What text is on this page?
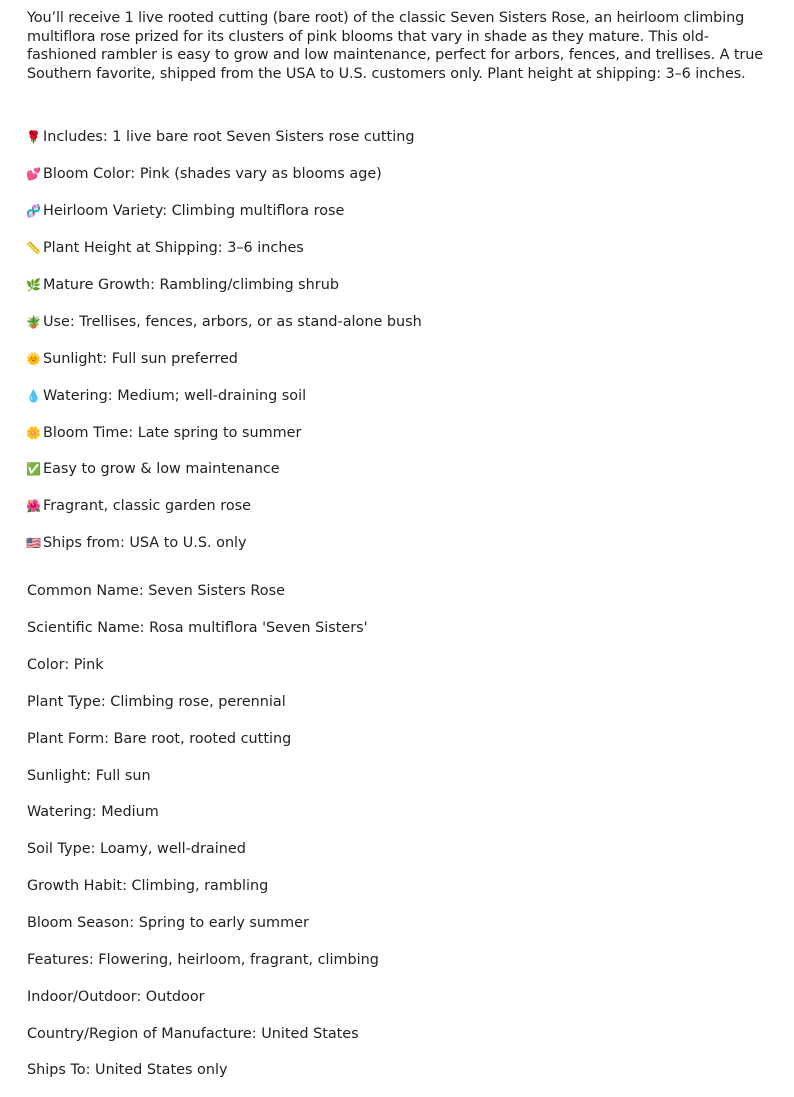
You’ll receive 1 live rooted cutting (bare root) of the classic Seven Sisters Rose, an heirloom climbing multiflora rose prized for its clusters of pink blooms that vary in shade as they mature. This old-fashioned rambler is easy to grow and low maintenance, perfect for arbors, fences, and trellises. A true Southern favorite, shipped from the USA to U.S. customers only. Plant height at shipping: 3–6 inches.

🌹 Includes: 1 live bare root Seven Sisters rose cutting
💕 Bloom Color: Pink (shades vary as blooms age)
🧬 Heirloom Variety: Climbing multiflora rose
📏 Plant Height at Shipping: 3–6 inches
🌿 Mature Growth: Rambling/climbing shrub
🪴 Use: Trellises, fences, arbors, or as stand-alone bush
🌞 Sunlight: Full sun preferred
💧 Watering: Medium; well-draining soil
🌼 Bloom Time: Late spring to summer
✅ Easy to grow & low maintenance
🌺 Fragrant, classic garden rose
🇺🇸 Ships from: USA to U.S. only
Common Name: Seven Sisters Rose
Scientific Name: Rosa multiflora 'Seven Sisters'
Color: Pink
Plant Type: Climbing rose, perennial
Plant Form: Bare root, rooted cutting
Sunlight: Full sun
Watering: Medium
Soil Type: Loamy, well-drained
Growth Habit: Climbing, rambling
Bloom Season: Spring to early summer
Features: Flowering, heirloom, fragrant, climbing
Indoor/Outdoor: Outdoor
Country/Region of Manufacture: United States
Ships To: United States only
